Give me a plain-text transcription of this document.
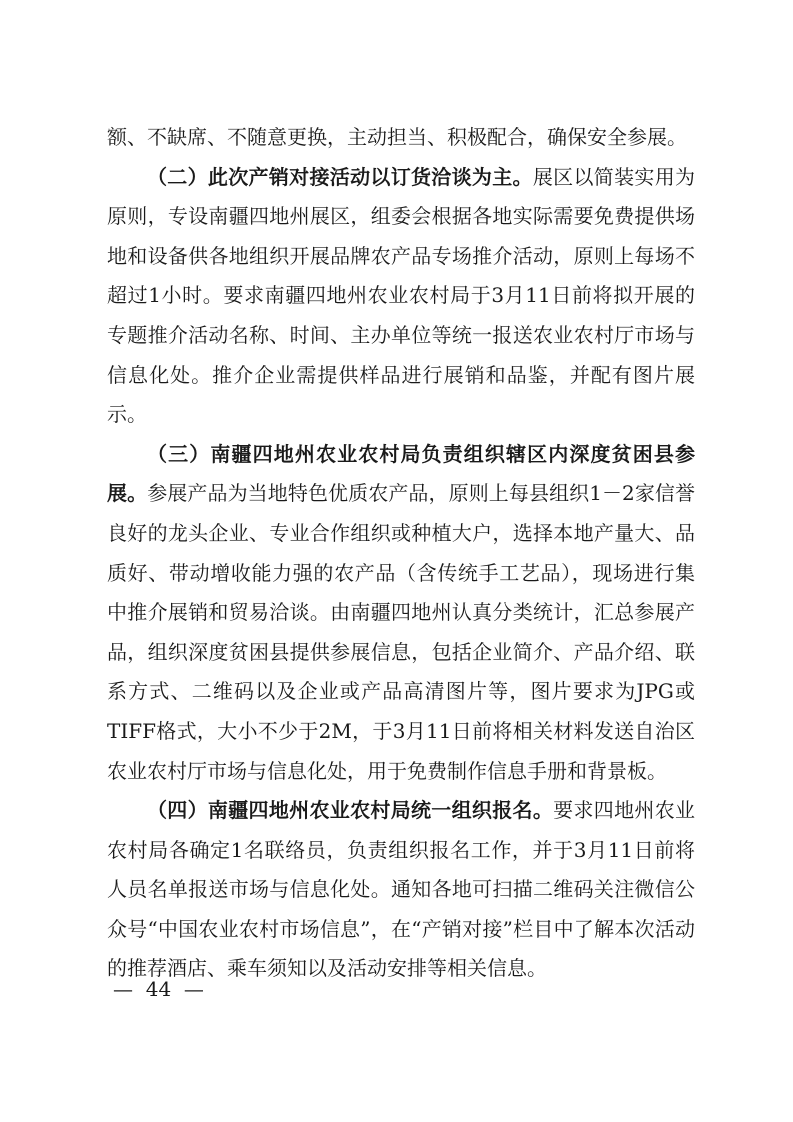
额、不缺席、不随意更换，主动担当、积极配合，确保安全参展。

（二）此次产销对接活动以订货洽谈为主。展区以简装实用为原则，专设南疆四地州展区，组委会根据各地实际需要免费提供场地和设备供各地组织开展品牌农产品专场推介活动，原则上每场不超过1小时。要求南疆四地州农业农村局于3月11日前将拟开展的专题推介活动名称、时间、主办单位等统一报送农业农村厅市场与信息化处。推介企业需提供样品进行展销和品鉴，并配有图片展示。

（三）南疆四地州农业农村局负责组织辖区内深度贫困县参展。参展产品为当地特色优质农产品，原则上每县组织1－2家信誉良好的龙头企业、专业合作组织或种植大户，选择本地产量大、品质好、带动增收能力强的农产品（含传统手工艺品），现场进行集中推介展销和贸易洽谈。由南疆四地州认真分类统计，汇总参展产品，组织深度贫困县提供参展信息，包括企业简介、产品介绍、联系方式、二维码以及企业或产品高清图片等，图片要求为JPG或TIFF格式，大小不少于2M，于3月11日前将相关材料发送自治区农业农村厅市场与信息化处，用于免费制作信息手册和背景板。

（四）南疆四地州农业农村局统一组织报名。要求四地州农业农村局各确定1名联络员，负责组织报名工作，并于3月11日前将人员名单报送市场与信息化处。通知各地可扫描二维码关注微信公众号“中国农业农村市场信息”，在“产销对接”栏目中了解本次活动的推荐酒店、乘车须知以及活动安排等相关信息。

—  44  —
